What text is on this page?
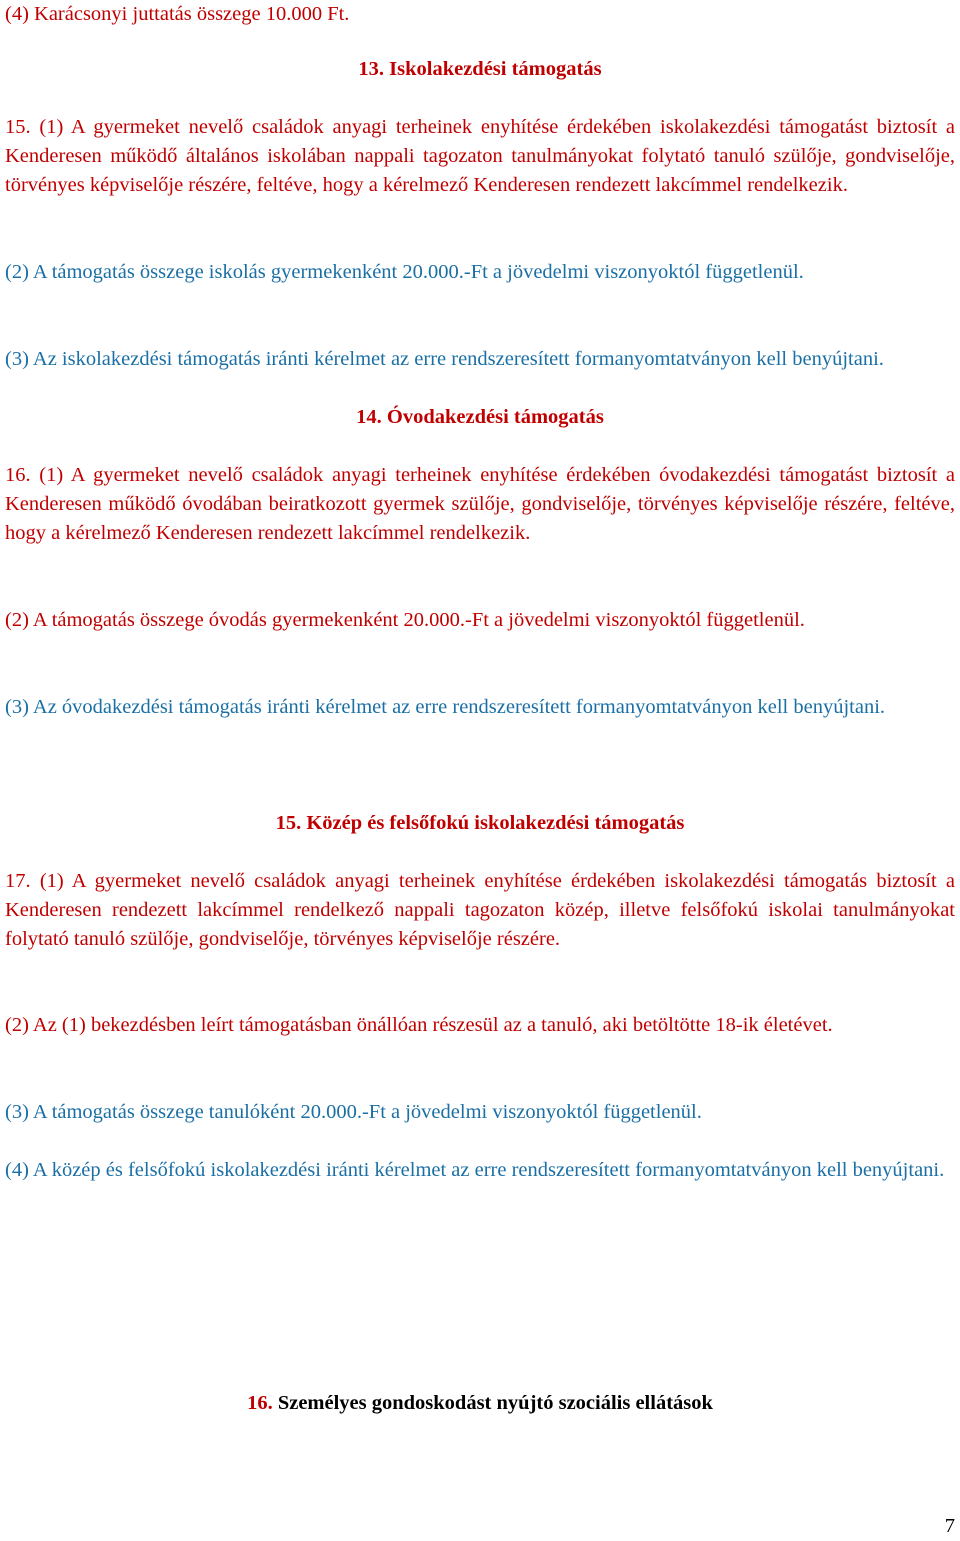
(4) Karácsonyi juttatás összege 10.000 Ft.

13. Iskolakezdési támogatás

15. (1) A gyermeket nevelő családok anyagi terheinek enyhítése érdekében iskolakezdési támogatást biztosít a Kenderesen működő általános iskolában nappali tagozaton tanulmányokat folytató tanuló szülője, gondviselője, törvényes képviselője részére, feltéve, hogy a kérelmező Kenderesen rendezett lakcímmel rendelkezik.

(2) A támogatás összege iskolás gyermekenként 20.000.-Ft a jövedelmi viszonyoktól függetlenül.

(3) Az iskolakezdési támogatás iránti kérelmet az erre rendszeresített formanyomtatványon kell benyújtani.

14. Óvodakezdési támogatás

16. (1) A gyermeket nevelő családok anyagi terheinek enyhítése érdekében óvodakezdési támogatást biztosít a Kenderesen működő óvodában beiratkozott gyermek szülője, gondviselője, törvényes képviselője részére, feltéve, hogy a kérelmező Kenderesen rendezett lakcímmel rendelkezik.

(2) A támogatás összege óvodás gyermekenként 20.000.-Ft a jövedelmi viszonyoktól függetlenül.

(3) Az óvodakezdési támogatás iránti kérelmet az erre rendszeresített formanyomtatványon kell benyújtani.

15. Közép és felsőfokú iskolakezdési támogatás

17. (1) A gyermeket nevelő családok anyagi terheinek enyhítése érdekében iskolakezdési támogatás biztosít a Kenderesen rendezett lakcímmel rendelkező nappali tagozaton közép, illetve felsőfokú iskolai tanulmányokat folytató tanuló szülője, gondviselője, törvényes képviselője részére.

(2) Az (1) bekezdésben leírt támogatásban önállóan részesül az a tanuló, aki betöltötte 18-ik életévet.

(3) A támogatás összege tanulóként 20.000.-Ft a jövedelmi viszonyoktól függetlenül.

(4) A közép és felsőfokú iskolakezdési iránti kérelmet az erre rendszeresített formanyomtatványon kell benyújtani.

16. Személyes gondoskodást nyújtó szociális ellátások

7
